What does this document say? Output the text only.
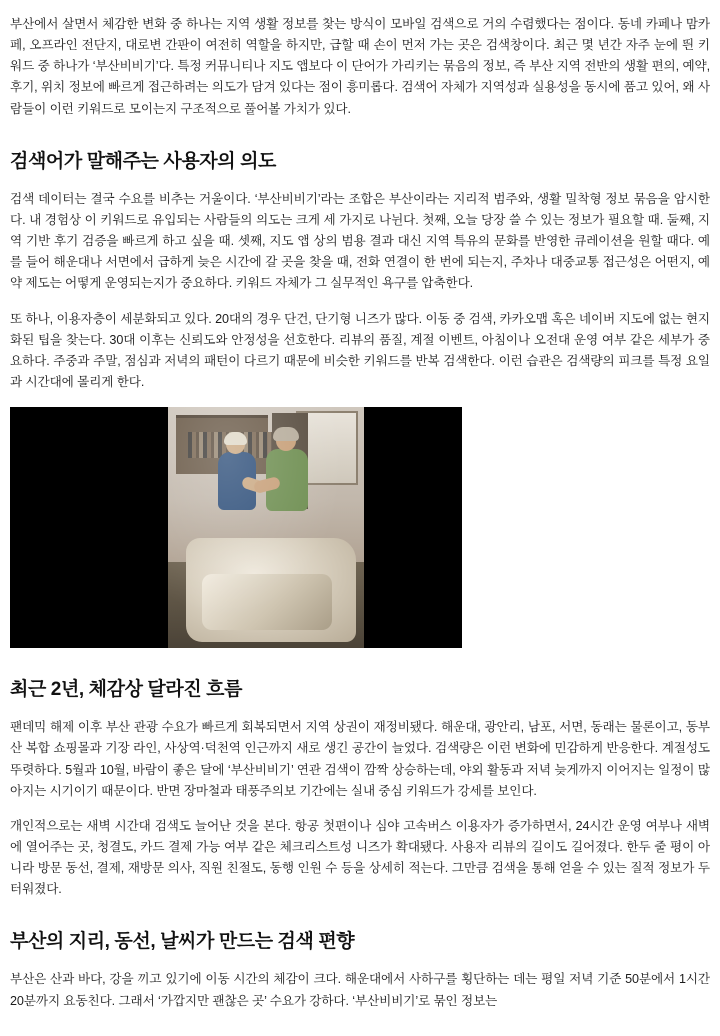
부산에서 살면서 체감한 변화 중 하나는 지역 생활 정보를 찾는 방식이 모바일 검색으로 거의 수렴했다는 점이다. 동네 카페나 맘카페, 오프라인 전단지, 대로변 간판이 여전히 역할을 하지만, 급할 때 손이 먼저 가는 곳은 검색창이다. 최근 몇 년간 자주 눈에 띈 키워드 중 하나가 ‘부산비비기’다. 특정 커뮤니티나 지도 앱보다 이 단어가 가리키는 묶음의 정보, 즉 부산 지역 전반의 생활 편의, 예약, 후기, 위치 정보에 빠르게 접근하려는 의도가 담겨 있다는 점이 흥미롭다. 검색어 자체가 지역성과 실용성을 동시에 품고 있어, 왜 사람들이 이런 키워드로 모이는지 구조적으로 풀어볼 가치가 있다.

검색어가 말해주는 사용자의 의도

검색 데이터는 결국 수요를 비추는 거울이다. ‘부산비비기’라는 조합은 부산이라는 지리적 범주와, 생활 밀착형 정보 묶음을 암시한다. 내 경험상 이 키워드로 유입되는 사람들의 의도는 크게 세 가지로 나뉜다. 첫째, 오늘 당장 쓸 수 있는 정보가 필요할 때. 둘째, 지역 기반 후기 검증을 빠르게 하고 싶을 때. 셋째, 지도 앱 상의 범용 결과 대신 지역 특유의 문화를 반영한 큐레이션을 원할 때다. 예를 들어 해운대나 서면에서 급하게 늦은 시간에 갈 곳을 찾을 때, 전화 연결이 한 번에 되는지, 주차나 대중교통 접근성은 어떤지, 예약 제도는 어떻게 운영되는지가 중요하다. 키워드 자체가 그 실무적인 욕구를 압축한다.

또 하나, 이용자층이 세분화되고 있다. 20대의 경우 단건, 단기형 니즈가 많다. 이동 중 검색, 카카오맵 혹은 네이버 지도에 없는 현지화된 팁을 찾는다. 30대 이후는 신뢰도와 안정성을 선호한다. 리뷰의 품질, 계절 이벤트, 아침이나 오전대 운영 여부 같은 세부가 중요하다. 주중과 주말, 점심과 저녁의 패턴이 다르기 때문에 비슷한 키워드를 반복 검색한다. 이런 습관은 검색량의 피크를 특정 요일과 시간대에 몰리게 한다.

최근 2년, 체감상 달라진 흐름

팬데믹 해제 이후 부산 관광 수요가 빠르게 회복되면서 지역 상권이 재정비됐다. 해운대, 광안리, 남포, 서면, 동래는 물론이고, 동부산 복합 쇼핑몰과 기장 라인, 사상역·덕천역 인근까지 새로 생긴 공간이 늘었다. 검색량은 이런 변화에 민감하게 반응한다. 계절성도 뚜렷하다. 5월과 10월, 바람이 좋은 달에 ‘부산비비기’ 연관 검색이 깜짝 상승하는데, 야외 활동과 저녁 늦게까지 이어지는 일정이 많아지는 시기이기 때문이다. 반면 장마철과 태풍주의보 기간에는 실내 중심 키워드가 강세를 보인다.

개인적으로는 새벽 시간대 검색도 늘어난 것을 본다. 항공 첫편이나 심야 고속버스 이용자가 증가하면서, 24시간 운영 여부나 새벽에 열어주는 곳, 청결도, 카드 결제 가능 여부 같은 체크리스트성 니즈가 확대됐다. 사용자 리뷰의 길이도 길어졌다. 한두 줄 평이 아니라 방문 동선, 결제, 재방문 의사, 직원 친절도, 동행 인원 수 등을 상세히 적는다. 그만큼 검색을 통해 얻을 수 있는 질적 정보가 두터워졌다.

부산의 지리, 동선, 날씨가 만드는 검색 편향

부산은 산과 바다, 강을 끼고 있기에 이동 시간의 체감이 크다. 해운대에서 사하구를 횡단하는 데는 평일 저녁 기준 50분에서 1시간 20분까지 요동친다. 그래서 ‘가깝지만 괜찮은 곳’ 수요가 강하다. ‘부산비비기’로 묶인 정보는
